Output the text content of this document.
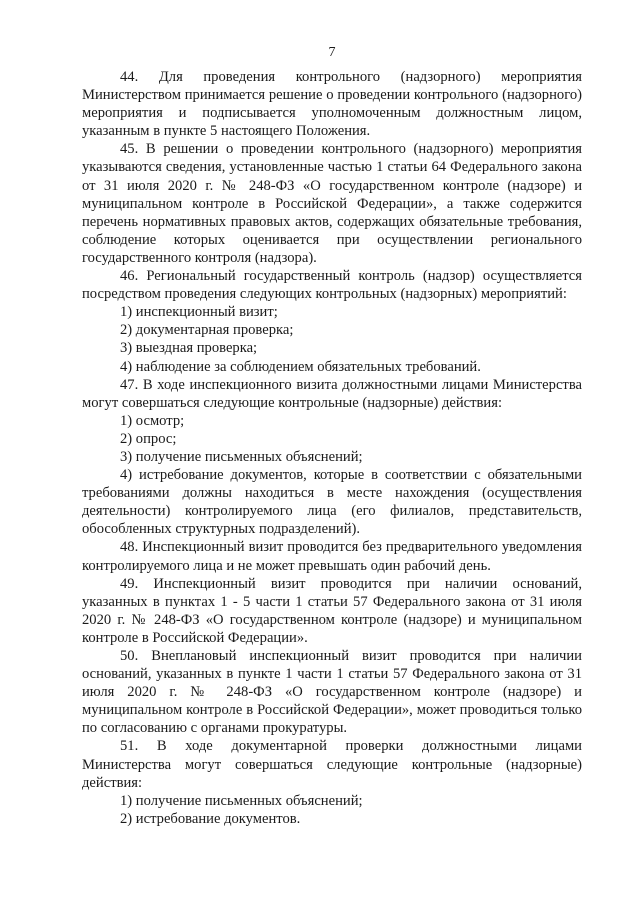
7

44. Для проведения контрольного (надзорного) мероприятия Министерством принимается решение о проведении контрольного (надзорного) мероприятия и подписывается уполномоченным должностным лицом, указанным в пункте 5 настоящего Положения.

45. В решении о проведении контрольного (надзорного) мероприятия указываются сведения, установленные частью 1 статьи 64 Федерального закона от 31 июля 2020 г. № 248-ФЗ «О государственном контроле (надзоре) и муниципальном контроле в Российской Федерации», а также содержится перечень нормативных правовых актов, содержащих обязательные требования, соблюдение которых оценивается при осуществлении регионального государственного контроля (надзора).

46. Региональный государственный контроль (надзор) осуществляется посредством проведения следующих контрольных (надзорных) мероприятий:

1) инспекционный визит;

2) документарная проверка;

3) выездная проверка;

4) наблюдение за соблюдением обязательных требований.

47. В ходе инспекционного визита должностными лицами Министерства могут совершаться следующие контрольные (надзорные) действия:

1) осмотр;

2) опрос;

3) получение письменных объяснений;

4) истребование документов, которые в соответствии с обязательными требованиями должны находиться в месте нахождения (осуществления деятельности) контролируемого лица (его филиалов, представительств, обособленных структурных подразделений).

48. Инспекционный визит проводится без предварительного уведомления контролируемого лица и не может превышать один рабочий день.

49. Инспекционный визит проводится при наличии оснований, указанных в пунктах 1 - 5 части 1 статьи 57 Федерального закона от 31 июля 2020 г. № 248-ФЗ «О государственном контроле (надзоре) и муниципальном контроле в Российской Федерации».

50. Внеплановый инспекционный визит проводится при наличии оснований, указанных в пункте 1 части 1 статьи 57 Федерального закона от 31 июля 2020 г. № 248-ФЗ «О государственном контроле (надзоре) и муниципальном контроле в Российской Федерации», может проводиться только по согласованию с органами прокуратуры.

51. В ходе документарной проверки должностными лицами Министерства могут совершаться следующие контрольные (надзорные) действия:

1) получение письменных объяснений;

2) истребование документов.
